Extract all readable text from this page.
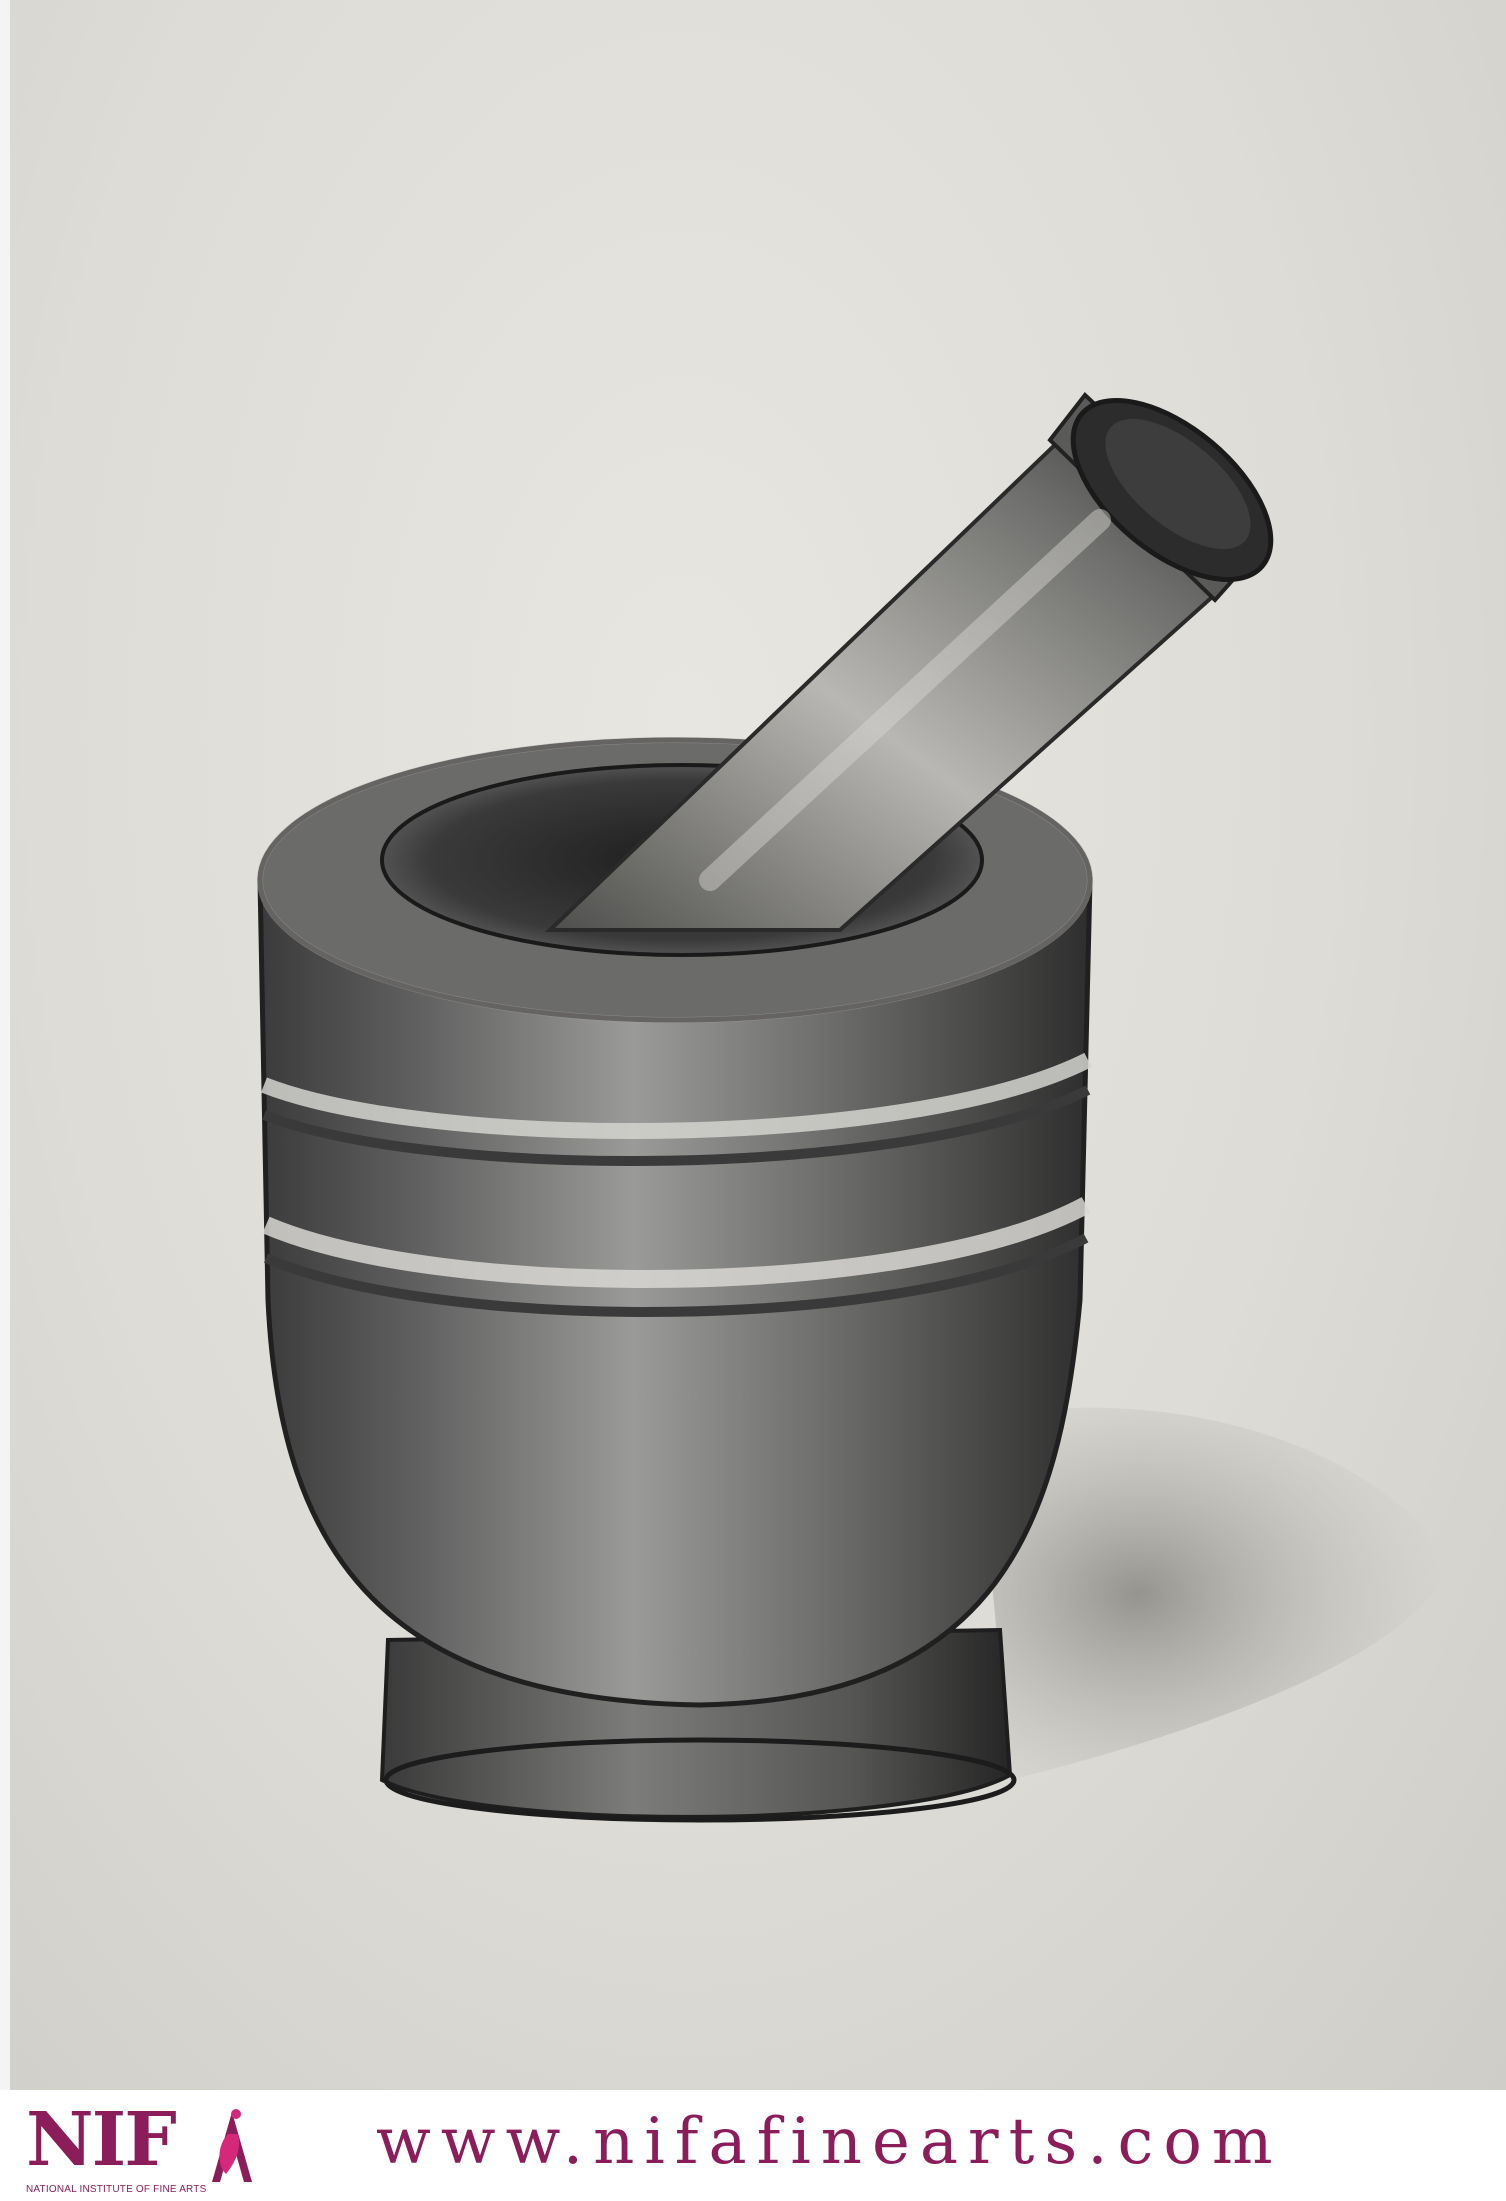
NIF
NATIONAL INSTITUTE OF FINE ARTS
www.nifafinearts.com
